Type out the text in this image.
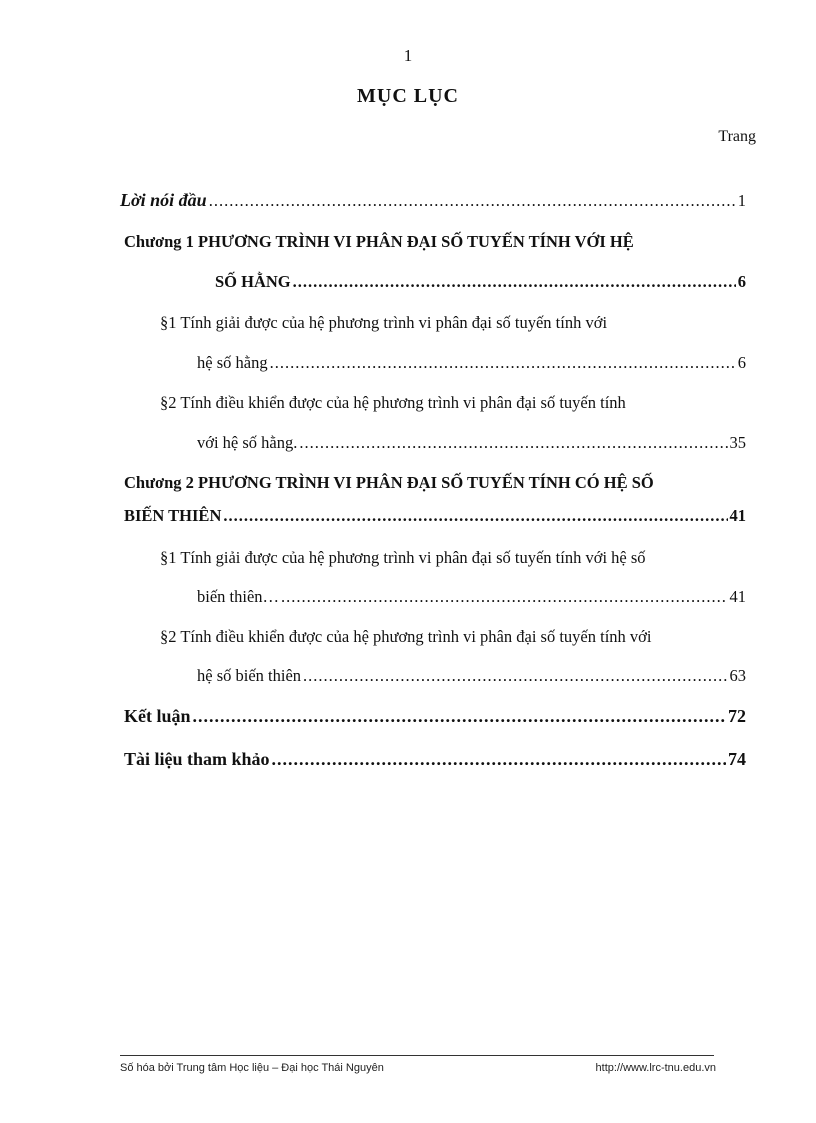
1
MỤC LỤC
Trang
Lời nói đầu .....	1
Chương 1 PHƯƠNG TRÌNH VI PHÂN ĐẠI SỐ TUYẾN TÍNH VỚI HỆ
SỐ HẰNG .....	6
§1 Tính giải được của hệ phương trình vi phân đại số tuyến tính với
hệ số hằng .....	6
§2 Tính điều khiển được của hệ phương trình vi phân đại số tuyến tính
với hệ số hằng. .....	35
Chương 2 PHƯƠNG TRÌNH VI PHÂN ĐẠI SỐ TUYẾN TÍNH CÓ HỆ SỐ
BIẾN THIÊN .....	41
§1 Tính giải được của hệ phương trình vi phân đại số tuyến tính với hệ số
biến thiên… .....	41
§2 Tính điều khiển được của hệ phương trình vi phân đại số tuyến tính với
hệ số biến thiên .....	63
Kết luận .....	72
Tài liệu tham khảo .....	74
Số hóa bởi Trung tâm Học liệu – Đại học Thái Nguyên	http://www.lrc-tnu.edu.vn
